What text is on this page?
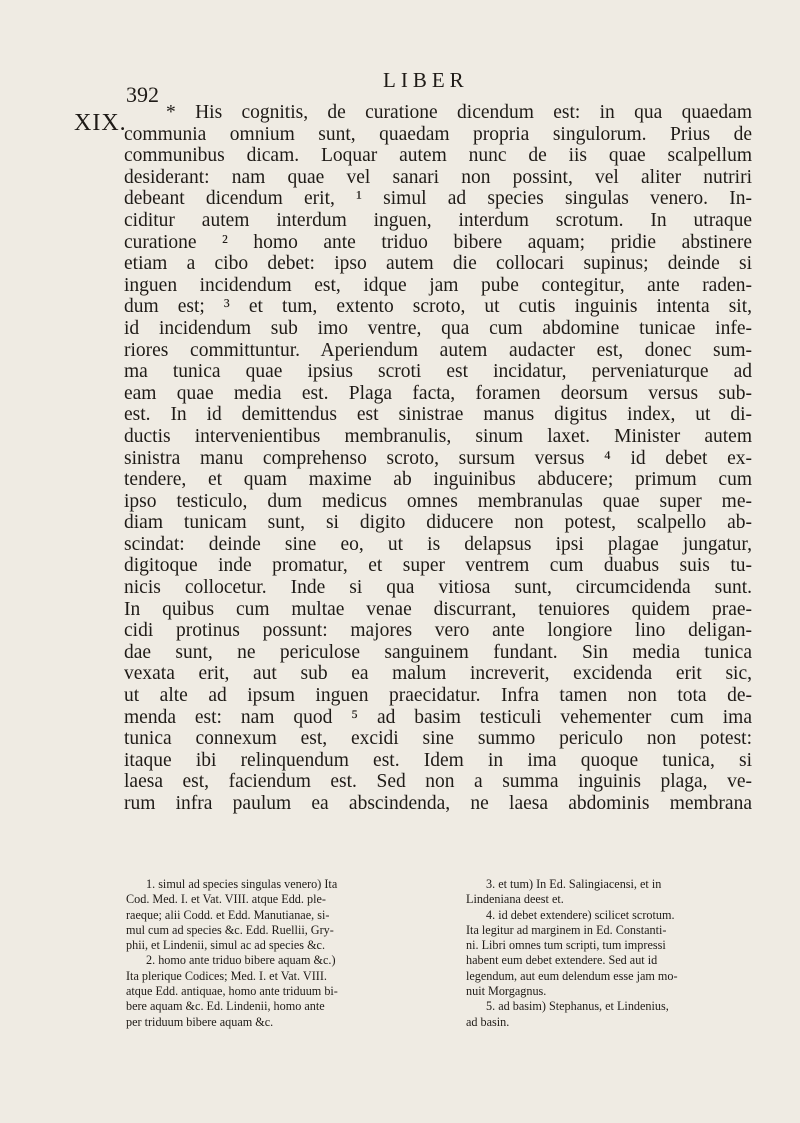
392
LIBER
XIX.	* His cognitis, de curatione dicendum est: in qua quaedam
communia omnium sunt, quaedam propria singulorum. Prius de
communibus dicam. Loquar autem nunc de iis quae scalpellum
desiderant: nam quae vel sanari non possint, vel aliter nutriri
debeant dicendum erit, ¹ simul ad species singulas venero. In-
ciditur autem interdum inguen, interdum scrotum. In utraque
curatione ² homo ante triduo bibere aquam; pridie abstinere
etiam a cibo debet: ipso autem die collocari supinus; deinde si
inguen incidendum est, idque jam pube contegitur, ante raden-
dum est; ³ et tum, extento scroto, ut cutis inguinis intenta sit,
id incidendum sub imo ventre, qua cum abdomine tunicae infe-
riores committuntur. Aperiendum autem audacter est, donec sum-
ma tunica quae ipsius scroti est incidatur, perveniaturque ad
eam quae media est. Plaga facta, foramen deorsum versus sub-
est. In id demittendus est sinistrae manus digitus index, ut di-
ductis intervenientibus membranulis, sinum laxet. Minister autem
sinistra manu comprehenso scroto, sursum versus ⁴ id debet ex-
tendere, et quam maxime ab inguinibus abducere; primum cum
ipso testiculo, dum medicus omnes membranulas quae super me-
diam tunicam sunt, si digito diducere non potest, scalpello ab-
scindat: deinde sine eo, ut is delapsus ipsi plagae jungatur,
digitoque inde promatur, et super ventrem cum duabus suis tu-
nicis collocetur. Inde si qua vitiosa sunt, circumcidenda sunt.
In quibus cum multae venae discurrant, tenuiores quidem prae-
cidi protinus possunt: majores vero ante longiore lino deligan-
dae sunt, ne periculose sanguinem fundant. Sin media tunica
vexata erit, aut sub ea malum increverit, excidenda erit sic,
ut alte ad ipsum inguen praecidatur. Infra tamen non tota de-
menda est: nam quod ⁵ ad basim testiculi vehementer cum ima
tunica connexum est, excidi sine summo periculo non potest:
itaque ibi relinquendum est. Idem in ima quoque tunica, si
laesa est, faciendum est. Sed non a summa inguinis plaga, ve-
rum infra paulum ea abscindenda, ne laesa abdominis membrana
1. simul ad species singulas venero) Ita
Cod. Med. I. et Vat. VIII. atque Edd. ple-
raeque; alii Codd. et Edd. Manutianae, si-
mul cum ad species &c. Edd. Ruellii, Gry-
phii, et Lindenii, simul ac ad species &c.
2. homo ante triduo bibere aquam &c.)
Ita plerique Codices; Med. I. et Vat. VIII.
atque Edd. antiquae, homo ante triduum bi-
bere aquam &c. Ed. Lindenii, homo ante
per triduum bibere aquam &c.
3. et tum) In Ed. Salingiacensi, et in
Lindeniana deest et.
4. id debet extendere) scilicet scrotum.
Ita legitur ad marginem in Ed. Constanti-
ni. Libri omnes tum scripti, tum impressi
habent eum debet extendere. Sed aut id
legendum, aut eum delendum esse jam mo-
nuit Morgagnus.
5. ad basim) Stephanus, et Lindenius,
ad basin.
